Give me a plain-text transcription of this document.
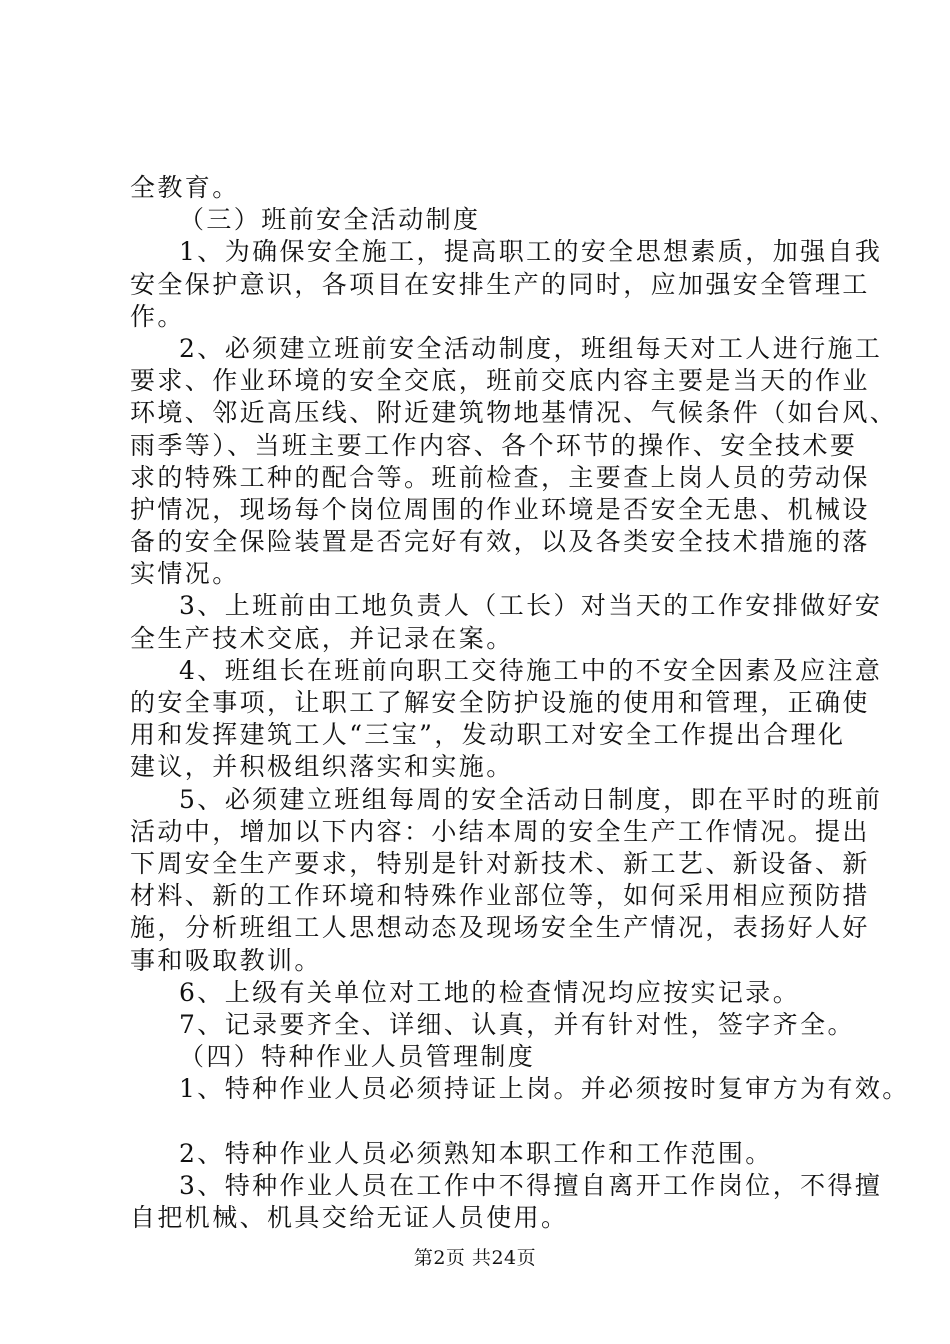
全教育。
（三）班前安全活动制度
1、为确保安全施工，提高职工的安全思想素质，加强自我
安全保护意识，各项目在安排生产的同时，应加强安全管理工
作。
2、必须建立班前安全活动制度，班组每天对工人进行施工
要求、作业环境的安全交底，班前交底内容主要是当天的作业
环境、邻近高压线、附近建筑物地基情况、气候条件（如台风、
雨季等）、当班主要工作内容、各个环节的操作、安全技术要
求的特殊工种的配合等。班前检查，主要查上岗人员的劳动保
护情况，现场每个岗位周围的作业环境是否安全无患、机械设
备的安全保险装置是否完好有效，以及各类安全技术措施的落
实情况。
3、上班前由工地负责人（工长）对当天的工作安排做好安
全生产技术交底，并记录在案。
4、班组长在班前向职工交待施工中的不安全因素及应注意
的安全事项，让职工了解安全防护设施的使用和管理，正确使
用和发挥建筑工人“三宝”，发动职工对安全工作提出合理化
建议，并积极组织落实和实施。
5、必须建立班组每周的安全活动日制度，即在平时的班前
活动中，增加以下内容：小结本周的安全生产工作情况。提出
下周安全生产要求，特别是针对新技术、新工艺、新设备、新
材料、新的工作环境和特殊作业部位等，如何采用相应预防措
施，分析班组工人思想动态及现场安全生产情况，表扬好人好
事和吸取教训。
6、上级有关单位对工地的检查情况均应按实记录。
7、记录要齐全、详细、认真，并有针对性，签字齐全。
（四）特种作业人员管理制度
1、特种作业人员必须持证上岗。并必须按时复审方为有效。
2、特种作业人员必须熟知本职工作和工作范围。
3、特种作业人员在工作中不得擅自离开工作岗位，不得擅
自把机械、机具交给无证人员使用。
第2页 共24页
